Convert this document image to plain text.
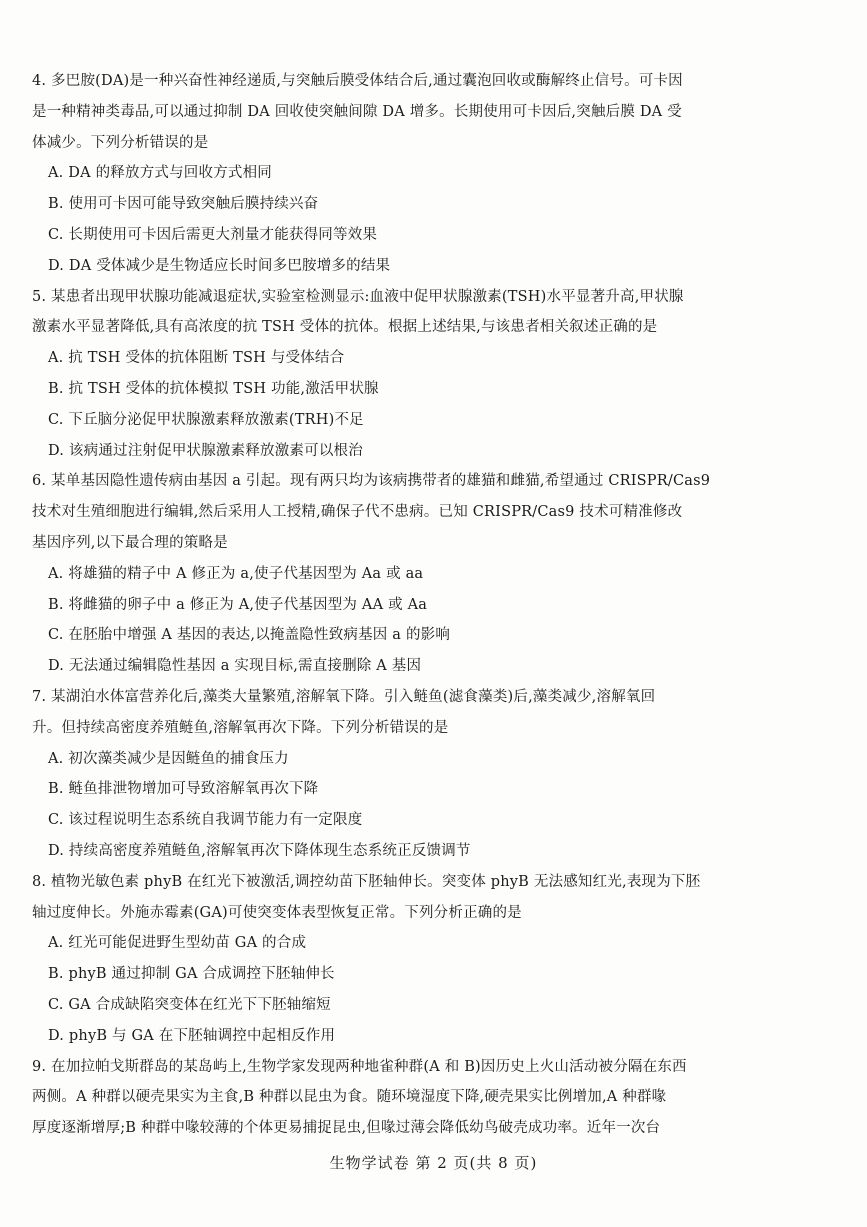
4. 多巴胺(DA)是一种兴奋性神经递质,与突触后膜受体结合后,通过囊泡回收或酶解终止信号。可卡因
是一种精神类毒品,可以通过抑制 DA 回收使突触间隙 DA 增多。长期使用可卡因后,突触后膜 DA 受
体减少。下列分析错误的是
A. DA 的释放方式与回收方式相同
B. 使用可卡因可能导致突触后膜持续兴奋
C. 长期使用可卡因后需更大剂量才能获得同等效果
D. DA 受体减少是生物适应长时间多巴胺增多的结果
5. 某患者出现甲状腺功能减退症状,实验室检测显示:血液中促甲状腺激素(TSH)水平显著升高,甲状腺
激素水平显著降低,具有高浓度的抗 TSH 受体的抗体。根据上述结果,与该患者相关叙述正确的是
A. 抗 TSH 受体的抗体阻断 TSH 与受体结合
B. 抗 TSH 受体的抗体模拟 TSH 功能,激活甲状腺
C. 下丘脑分泌促甲状腺激素释放激素(TRH)不足
D. 该病通过注射促甲状腺激素释放激素可以根治
6. 某单基因隐性遗传病由基因 a 引起。现有两只均为该病携带者的雄猫和雌猫,希望通过 CRISPR/Cas9
技术对生殖细胞进行编辑,然后采用人工授精,确保子代不患病。已知 CRISPR/Cas9 技术可精准修改
基因序列,以下最合理的策略是
A. 将雄猫的精子中 A 修正为 a,使子代基因型为 Aa 或 aa
B. 将雌猫的卵子中 a 修正为 A,使子代基因型为 AA 或 Aa
C. 在胚胎中增强 A 基因的表达,以掩盖隐性致病基因 a 的影响
D. 无法通过编辑隐性基因 a 实现目标,需直接删除 A 基因
7. 某湖泊水体富营养化后,藻类大量繁殖,溶解氧下降。引入鲢鱼(滤食藻类)后,藻类减少,溶解氧回
升。但持续高密度养殖鲢鱼,溶解氧再次下降。下列分析错误的是
A. 初次藻类减少是因鲢鱼的捕食压力
B. 鲢鱼排泄物增加可导致溶解氧再次下降
C. 该过程说明生态系统自我调节能力有一定限度
D. 持续高密度养殖鲢鱼,溶解氧再次下降体现生态系统正反馈调节
8. 植物光敏色素 phyB 在红光下被激活,调控幼苗下胚轴伸长。突变体 phyB 无法感知红光,表现为下胚
轴过度伸长。外施赤霉素(GA)可使突变体表型恢复正常。下列分析正确的是
A. 红光可能促进野生型幼苗 GA 的合成
B. phyB 通过抑制 GA 合成调控下胚轴伸长
C. GA 合成缺陷突变体在红光下下胚轴缩短
D. phyB 与 GA 在下胚轴调控中起相反作用
9. 在加拉帕戈斯群岛的某岛屿上,生物学家发现两种地雀种群(A 和 B)因历史上火山活动被分隔在东西
两侧。A 种群以硬壳果实为主食,B 种群以昆虫为食。随环境湿度下降,硬壳果实比例增加,A 种群喙
厚度逐渐增厚;B 种群中喙较薄的个体更易捕捉昆虫,但喙过薄会降低幼鸟破壳成功率。近年一次台
生物学试卷 第 2 页(共 8 页)
